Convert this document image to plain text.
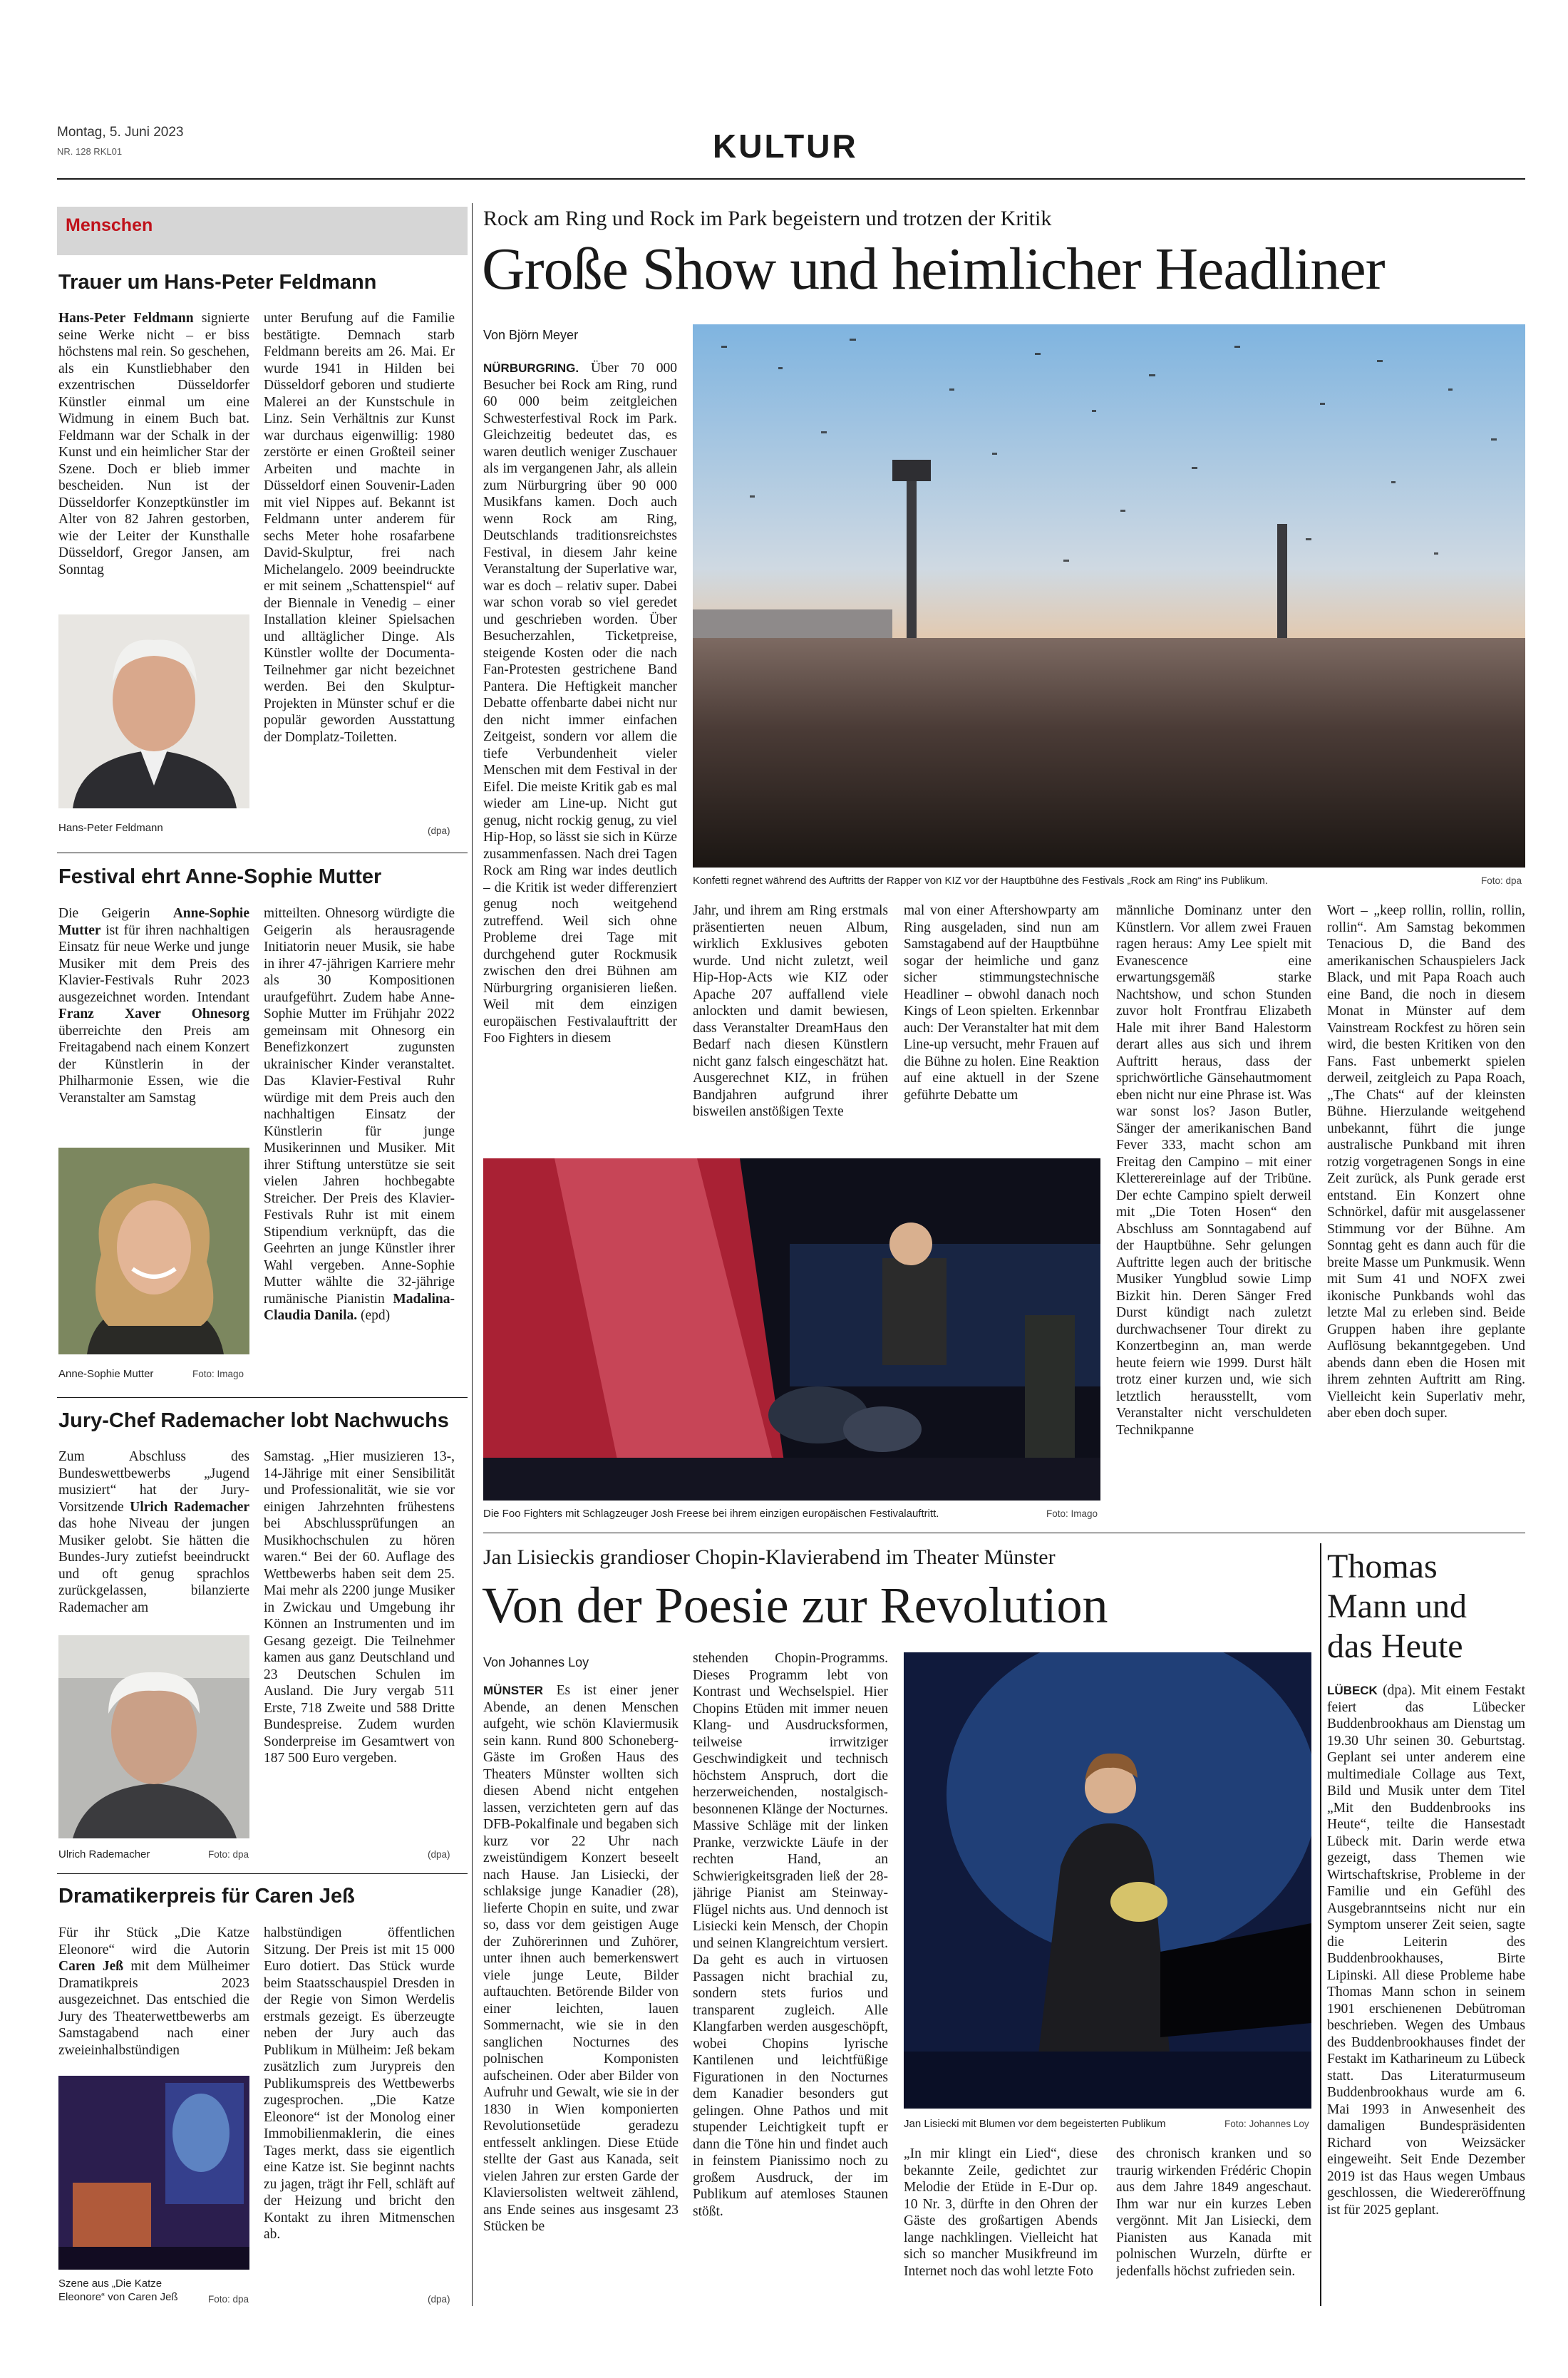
Montag, 5. Juni 2023
NR. 128 RKL01	KULTUR
Menschen
Trauer um Hans-Peter Feldmann
Hans-Peter Feldmann signierte seine Werke nicht – er biss höchstens mal rein. So geschehen, als ein Kunstliebhaber den exzentrischen Düsseldorfer Künstler einmal um eine Widmung in einem Buch bat. Feldmann war der Schalk in der Kunst und ein heimlicher Star der Szene. Doch er blieb immer bescheiden. Nun ist der Düsseldorfer Konzeptkünstler im Alter von 82 Jahren gestorben, wie der Leiter der Kunsthalle Düsseldorf, Gregor Jansen, am Sonntag
unter Berufung auf die Familie bestätigte. Demnach starb Feldmann bereits am 26. Mai. Er wurde 1941 in Hilden bei Düsseldorf geboren und studierte Malerei an der Kunstschule in Linz. Sein Verhältnis zur Kunst war durchaus eigenwillig: 1980 zerstörte er einen Großteil seiner Arbeiten und machte in Düsseldorf einen Souvenir-Laden mit viel Nippes auf. Bekannt ist Feldmann unter anderem für sechs Meter hohe rosafarbene David-Skulptur, frei nach Michelangelo. 2009 beeindruckte er mit seinem „Schattenspiel“ auf der Biennale in Venedig – einer Installation kleiner Spielsachen und alltäglicher Dinge. Als Künstler wollte der Documenta-Teilnehmer gar nicht bezeichnet werden. Bei den Skulptur-Projekten in Münster schuf er die populär geworden Ausstattung der Domplatz-Toiletten.
(dpa)
Hans-Peter Feldmann
Festival ehrt Anne-Sophie Mutter
Die Geigerin Anne-Sophie Mutter ist für ihren nachhaltigen Einsatz für neue Werke und junge Musiker mit dem Preis des Klavier-Festivals Ruhr 2023 ausgezeichnet worden. Intendant Franz Xaver Ohnesorg überreichte den Preis am Freitagabend nach einem Konzert der Künstlerin in der Philharmonie Essen, wie die Veranstalter am Samstag
mitteilten. Ohnesorg würdigte die Geigerin als herausragende Initiatorin neuer Musik, sie habe in ihrer 47-jährigen Karriere mehr als 30 Kompositionen uraufgeführt. Zudem habe Anne-Sophie Mutter im Frühjahr 2022 gemeinsam mit Ohnesorg ein Benefizkonzert zugunsten ukrainischer Kinder veranstaltet. Das Klavier-Festival Ruhr würdige mit dem Preis auch den nachhaltigen Einsatz der Künstlerin für junge Musikerinnen und Musiker. Mit ihrer Stiftung unterstütze sie seit vielen Jahren hochbegabte Streicher. Der Preis des Klavier-Festivals Ruhr ist mit einem Stipendium verknüpft, das die Geehrten an junge Künstler ihrer Wahl vergeben. Anne-Sophie Mutter wählte die 32-jährige rumänische Pianistin Madalina-Claudia Danila. (epd)
Anne-Sophie Mutter	Foto: Imago
Jury-Chef Rademacher lobt Nachwuchs
Zum Abschluss des Bundeswettbewerbs „Jugend musiziert“ hat der Jury-Vorsitzende Ulrich Rademacher das hohe Niveau der jungen Musiker gelobt. Sie hätten die Bundes-Jury zutiefst beeindruckt und oft genug sprachlos zurückgelassen, bilanzierte Rademacher am
Samstag. „Hier musizieren 13-, 14-Jährige mit einer Sensibilität und Professionalität, wie sie vor einigen Jahrzehnten frühestens bei Abschlussprüfungen an Musikhochschulen zu hören waren.“ Bei der 60. Auflage des Wettbewerbs haben seit dem 25. Mai mehr als 2200 junge Musiker in Zwickau und Umgebung ihr Können an Instrumenten und im Gesang gezeigt. Die Teilnehmer kamen aus ganz Deutschland und 23 Deutschen Schulen im Ausland. Die Jury vergab 511 Erste, 718 Zweite und 588 Dritte Bundespreise. Zudem wurden Sonderpreise im Gesamtwert von 187 500 Euro vergeben.
(dpa)
Ulrich Rademacher	Foto: dpa
Dramatikerpreis für Caren Jeß
Für ihr Stück „Die Katze Eleonore“ wird die Autorin Caren Jeß mit dem Mülheimer Dramatikpreis 2023 ausgezeichnet. Das entschied die Jury des Theaterwettbewerbs am Samstagabend nach einer zweieinhalbstündigen
halbstündigen öffentlichen Sitzung. Der Preis ist mit 15 000 Euro dotiert. Das Stück wurde beim Staatsschauspiel Dresden in der Regie von Simon Werdelis erstmals gezeigt. Es überzeugte neben der Jury auch das Publikum in Mülheim: Jeß bekam zusätzlich zum Jurypreis den Publikumspreis des Wettbewerbs zugesprochen. „Die Katze Eleonore“ ist der Monolog einer Immobilienmaklerin, die eines Tages merkt, dass sie eigentlich eine Katze ist. Sie beginnt nachts zu jagen, trägt ihr Fell, schläft auf der Heizung und bricht den Kontakt zu ihren Mitmenschen ab.
(dpa)
Szene aus „Die Katze Eleonore“ von Caren Jeß	Foto: dpa
Rock am Ring und Rock im Park begeistern und trotzen der Kritik
Große Show und heimlicher Headliner
Von Björn Meyer
NÜRBURGRING. Über 70 000 Besucher bei Rock am Ring, rund 60 000 beim zeitgleichen Schwesterfestival Rock im Park. Gleichzeitig bedeutet das, es waren deutlich weniger Zuschauer als im vergangenen Jahr, als allein zum Nürburgring über 90 000 Musikfans kamen. Doch auch wenn Rock am Ring, Deutschlands traditionsreichstes Festival, in diesem Jahr keine Veranstaltung der Superlative war, war es doch – relativ super. Dabei war schon vorab so viel geredet und geschrieben worden. Über Besucherzahlen, Ticketpreise, steigende Kosten oder die nach Fan-Protesten gestrichene Band Pantera. Die Heftigkeit mancher Debatte offenbarte dabei nicht nur den nicht immer einfachen Zeitgeist, sondern vor allem die tiefe Verbundenheit vieler Menschen mit dem Festival in der Eifel. Die meiste Kritik gab es mal wieder am Line-up. Nicht gut genug, nicht rockig genug, zu viel Hip-Hop, so lässt sie sich in Kürze zusammenfassen. Nach drei Tagen Rock am Ring war indes deutlich – die Kritik ist weder differenziert genug noch weitgehend zutreffend. Weil sich ohne Probleme drei Tage mit durchgehend guter Rockmusik zwischen den drei Bühnen am Nürburgring organisieren ließen. Weil mit dem einzigen europäischen Festivalauftritt der Foo Fighters in diesem
Konfetti regnet während des Auftritts der Rapper von KIZ vor der Hauptbühne des Festivals „Rock am Ring“ ins Publikum.	Foto: dpa
Jahr, und ihrem am Ring erstmals präsentierten neuen Album, wirklich Exklusives geboten wurde. Und nicht zuletzt, weil Hip-Hop-Acts wie KIZ oder Apache 207 auffallend viele anlockten und damit bewiesen, dass Veranstalter DreamHaus den Bedarf nach diesen Künstlern nicht ganz falsch eingeschätzt hat. Ausgerechnet KIZ, in frühen Bandjahren aufgrund ihrer bisweilen anstößigen Texte
mal von einer Aftershowparty am Ring ausgeladen, sind nun am Samstagabend auf der Hauptbühne sogar der heimliche und ganz sicher stimmungstechnische Headliner – obwohl danach noch Kings of Leon spielten. Erkennbar auch: Der Veranstalter hat mit dem Line-up versucht, mehr Frauen auf die Bühne zu holen. Eine Reaktion auf eine aktuell in der Szene geführte Debatte um
männliche Dominanz unter den Künstlern. Vor allem zwei Frauen ragen heraus: Amy Lee spielt mit Evanescence eine erwartungsgemäß starke Nachtshow, und schon Stunden zuvor holt Frontfrau Elizabeth Hale mit ihrer Band Halestorm derart alles aus sich und ihrem Auftritt heraus, dass der sprichwörtliche Gänsehautmoment eben nicht nur eine Phrase ist. Was war sonst los? Jason Butler, Sänger der amerikanischen Band Fever 333, macht schon am Freitag den Campino – mit einer Kletterereinlage auf der Tribüne. Der echte Campino spielt derweil mit „Die Toten Hosen“ den Abschluss am Sonntagabend auf der Hauptbühne. Sehr gelungen Auftritte legen auch der britische Musiker Yungblud sowie Limp Bizkit hin. Deren Sänger Fred Durst kündigt nach zuletzt durchwachsener Tour direkt zu Konzertbeginn an, man werde heute feiern wie 1999. Durst hält trotz einer kurzen und, wie sich letztlich herausstellt, vom Veranstalter nicht verschuldeten Technikpanne
Wort – „keep rollin, rollin, rollin, rollin“. Am Samstag bekommen Tenacious D, die Band des amerikanischen Schauspielers Jack Black, und mit Papa Roach auch eine Band, die noch in diesem Monat in Münster auf dem Vainstream Rockfest zu hören sein wird, die besten Kritiken von den Fans. Fast unbemerkt spielen derweil, zeitgleich zu Papa Roach, „The Chats“ auf der kleinsten Bühne. Hierzulande weitgehend unbekannt, führt die junge australische Punkband mit ihren rotzig vorgetragenen Songs in eine Zeit zurück, als Punk gerade erst entstand. Ein Konzert ohne Schnörkel, dafür mit ausgelassener Stimmung vor der Bühne. Am Sonntag geht es dann auch für die breite Masse um Punkmusik. Wenn mit Sum 41 und NOFX zwei ikonische Punkbands wohl das letzte Mal zu erleben sind. Beide Gruppen haben ihre geplante Auflösung bekanntgegeben. Und abends dann eben die Hosen mit ihrem zehnten Auftritt am Ring. Vielleicht kein Superlativ mehr, aber eben doch super.
Die Foo Fighters mit Schlagzeuger Josh Freese bei ihrem einzigen europäischen Festivalauftritt.	Foto: Imago
Jan Lisieckis grandioser Chopin-Klavierabend im Theater Münster
Von der Poesie zur Revolution
Von Johannes Loy
MÜNSTER Es ist einer jener Abende, an denen Menschen aufgeht, wie schön Klaviermusik sein kann. Rund 800 Schoneberg-Gäste im Großen Haus des Theaters Münster wollten sich diesen Abend nicht entgehen lassen, verzichteten gern auf das DFB-Pokalfinale und begaben sich kurz vor 22 Uhr nach zweistündigem Konzert beseelt nach Hause. Jan Lisiecki, der schlaksige junge Kanadier (28), lieferte Chopin en suite, und zwar so, dass vor dem geistigen Auge der Zuhörerinnen und Zuhörer, unter ihnen auch bemerkenswert viele junge Leute, Bilder auftauchten. Betörende Bilder von einer leichten, lauen Sommernacht, wie sie in den sanglichen Nocturnes des polnischen Komponisten aufscheinen. Oder aber Bilder von Aufruhr und Gewalt, wie sie in der 1830 in Wien komponierten Revolutionsetüde geradezu entfesselt anklingen. Diese Etüde stellte der Gast aus Kanada, seit vielen Jahren zur ersten Garde der Klaviersolisten weltweit zählend, ans Ende seines aus insgesamt 23 Stücken be
stehenden Chopin-Programms. Dieses Programm lebt von Kontrast und Wechselspiel. Hier Chopins Etüden mit immer neuen Klang- und Ausdrucksformen, teilweise irrwitziger Geschwindigkeit und technisch höchstem Anspruch, dort die herzerweichenden, nostalgisch-besonnenen Klänge der Nocturnes. Massive Schläge mit der linken Pranke, verzwickte Läufe in der rechten Hand, an Schwierigkeitsgraden ließ der 28-jährige Pianist am Steinway-Flügel nichts aus. Und dennoch ist Lisiecki kein Mensch, der Chopin und seinen Klangreichtum versiert. Da geht es auch in virtuosen Passagen nicht brachial zu, sondern stets furios und transparent zugleich. Alle Klangfarben werden ausgeschöpft, wobei Chopins lyrische Kantilenen und leichtfüßige Figurationen in den Nocturnes dem Kanadier besonders gut gelingen. Ohne Pathos und mit stupender Leichtigkeit tupft er dann die Töne hin und findet auch in feinstem Pianissimo noch zu großem Ausdruck, der im Publikum auf atemloses Staunen stößt.
Jan Lisiecki mit Blumen vor dem begeisterten Publikum	Foto: Johannes Loy
„In mir klingt ein Lied“, diese bekannte Zeile, gedichtet zur Melodie der Etüde in E-Dur op. 10 Nr. 3, dürfte in den Ohren der Gäste des großartigen Abends lange nachklingen. Vielleicht hat sich so mancher Musikfreund im Internet noch das wohl letzte Foto
des chronisch kranken und so traurig wirkenden Frédéric Chopin aus dem Jahre 1849 angeschaut. Ihm war nur ein kurzes Leben vergönnt. Mit Jan Lisiecki, dem Pianisten aus Kanada mit polnischen Wurzeln, dürfte er jedenfalls höchst zufrieden sein.
Thomas
Mann und
das Heute
LÜBECK (dpa). Mit einem Festakt feiert das Lübecker Buddenbrookhaus am Dienstag um 19.30 Uhr seinen 30. Geburtstag. Geplant sei unter anderem eine multimediale Collage aus Text, Bild und Musik unter dem Titel „Mit den Buddenbrooks ins Heute“, teilte die Hansestadt Lübeck mit. Darin werde etwa gezeigt, dass Themen wie Wirtschaftskrise, Probleme in der Familie und ein Gefühl des Ausgebranntseins nicht nur ein Symptom unserer Zeit seien, sagte die Leiterin des Buddenbrookhauses, Birte Lipinski. All diese Probleme habe Thomas Mann schon in seinem 1901 erschienenen Debütroman beschrieben. Wegen des Umbaus des Buddenbrookhauses findet der Festakt im Katharineum zu Lübeck statt. Das Literaturmuseum Buddenbrookhaus wurde am 6. Mai 1993 in Anwesenheit des damaligen Bundespräsidenten Richard von Weizsäcker eingeweiht. Seit Ende Dezember 2019 ist das Haus wegen Umbaus geschlossen, die Wiedereröffnung ist für 2025 geplant.
